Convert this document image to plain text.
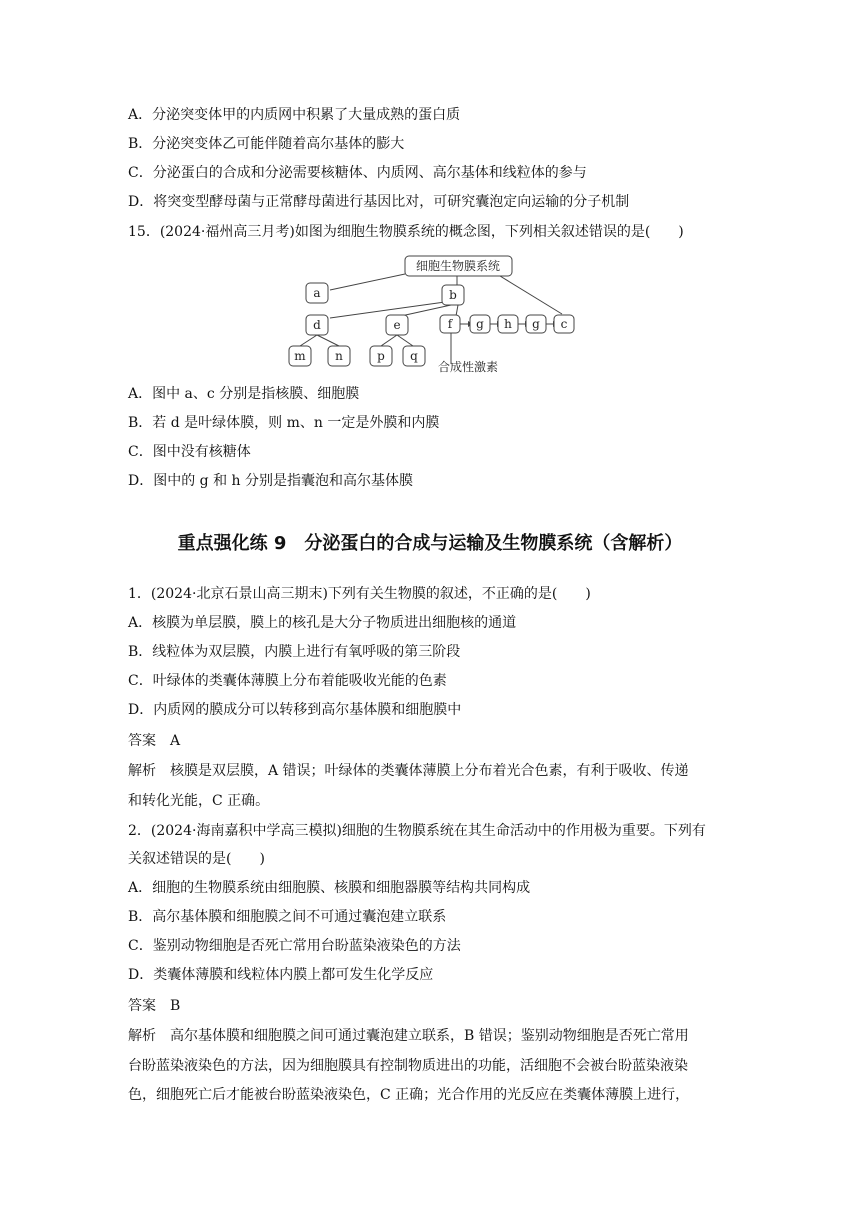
A．分泌突变体甲的内质网中积累了大量成熟的蛋白质
B．分泌突变体乙可能伴随着高尔基体的膨大
C．分泌蛋白的合成和分泌需要核糖体、内质网、高尔基体和线粒体的参与
D．将突变型酵母菌与正常酵母菌进行基因比对，可研究囊泡定向运输的分子机制
15．(2024·福州高三月考)如图为细胞生物膜系统的概念图，下列相关叙述错误的是(　　)
细胞生物膜系统
a	b
d	e	f g h g c
m n	p q
合成性激素
A．图中 a、c 分别是指核膜、细胞膜
B．若 d 是叶绿体膜，则 m、n 一定是外膜和内膜
C．图中没有核糖体
D．图中的 g 和 h 分别是指囊泡和高尔基体膜
重点强化练 9　分泌蛋白的合成与运输及生物膜系统（含解析）
1．(2024·北京石景山高三期末)下列有关生物膜的叙述，不正确的是(　　)
A．核膜为单层膜，膜上的核孔是大分子物质进出细胞核的通道
B．线粒体为双层膜，内膜上进行有氧呼吸的第三阶段
C．叶绿体的类囊体薄膜上分布着能吸收光能的色素
D．内质网的膜成分可以转移到高尔基体膜和细胞膜中
答案　A
解析　核膜是双层膜，A 错误；叶绿体的类囊体薄膜上分布着光合色素，有利于吸收、传递
和转化光能，C 正确。
2．(2024·海南嘉积中学高三模拟)细胞的生物膜系统在其生命活动中的作用极为重要。下列有
关叙述错误的是(　　)
A．细胞的生物膜系统由细胞膜、核膜和细胞器膜等结构共同构成
B．高尔基体膜和细胞膜之间不可通过囊泡建立联系
C．鉴别动物细胞是否死亡常用台盼蓝染液染色的方法
D．类囊体薄膜和线粒体内膜上都可发生化学反应
答案　B
解析　高尔基体膜和细胞膜之间可通过囊泡建立联系，B 错误；鉴别动物细胞是否死亡常用
台盼蓝染液染色的方法，因为细胞膜具有控制物质进出的功能，活细胞不会被台盼蓝染液染
色，细胞死亡后才能被台盼蓝染液染色，C 正确；光合作用的光反应在类囊体薄膜上进行，
